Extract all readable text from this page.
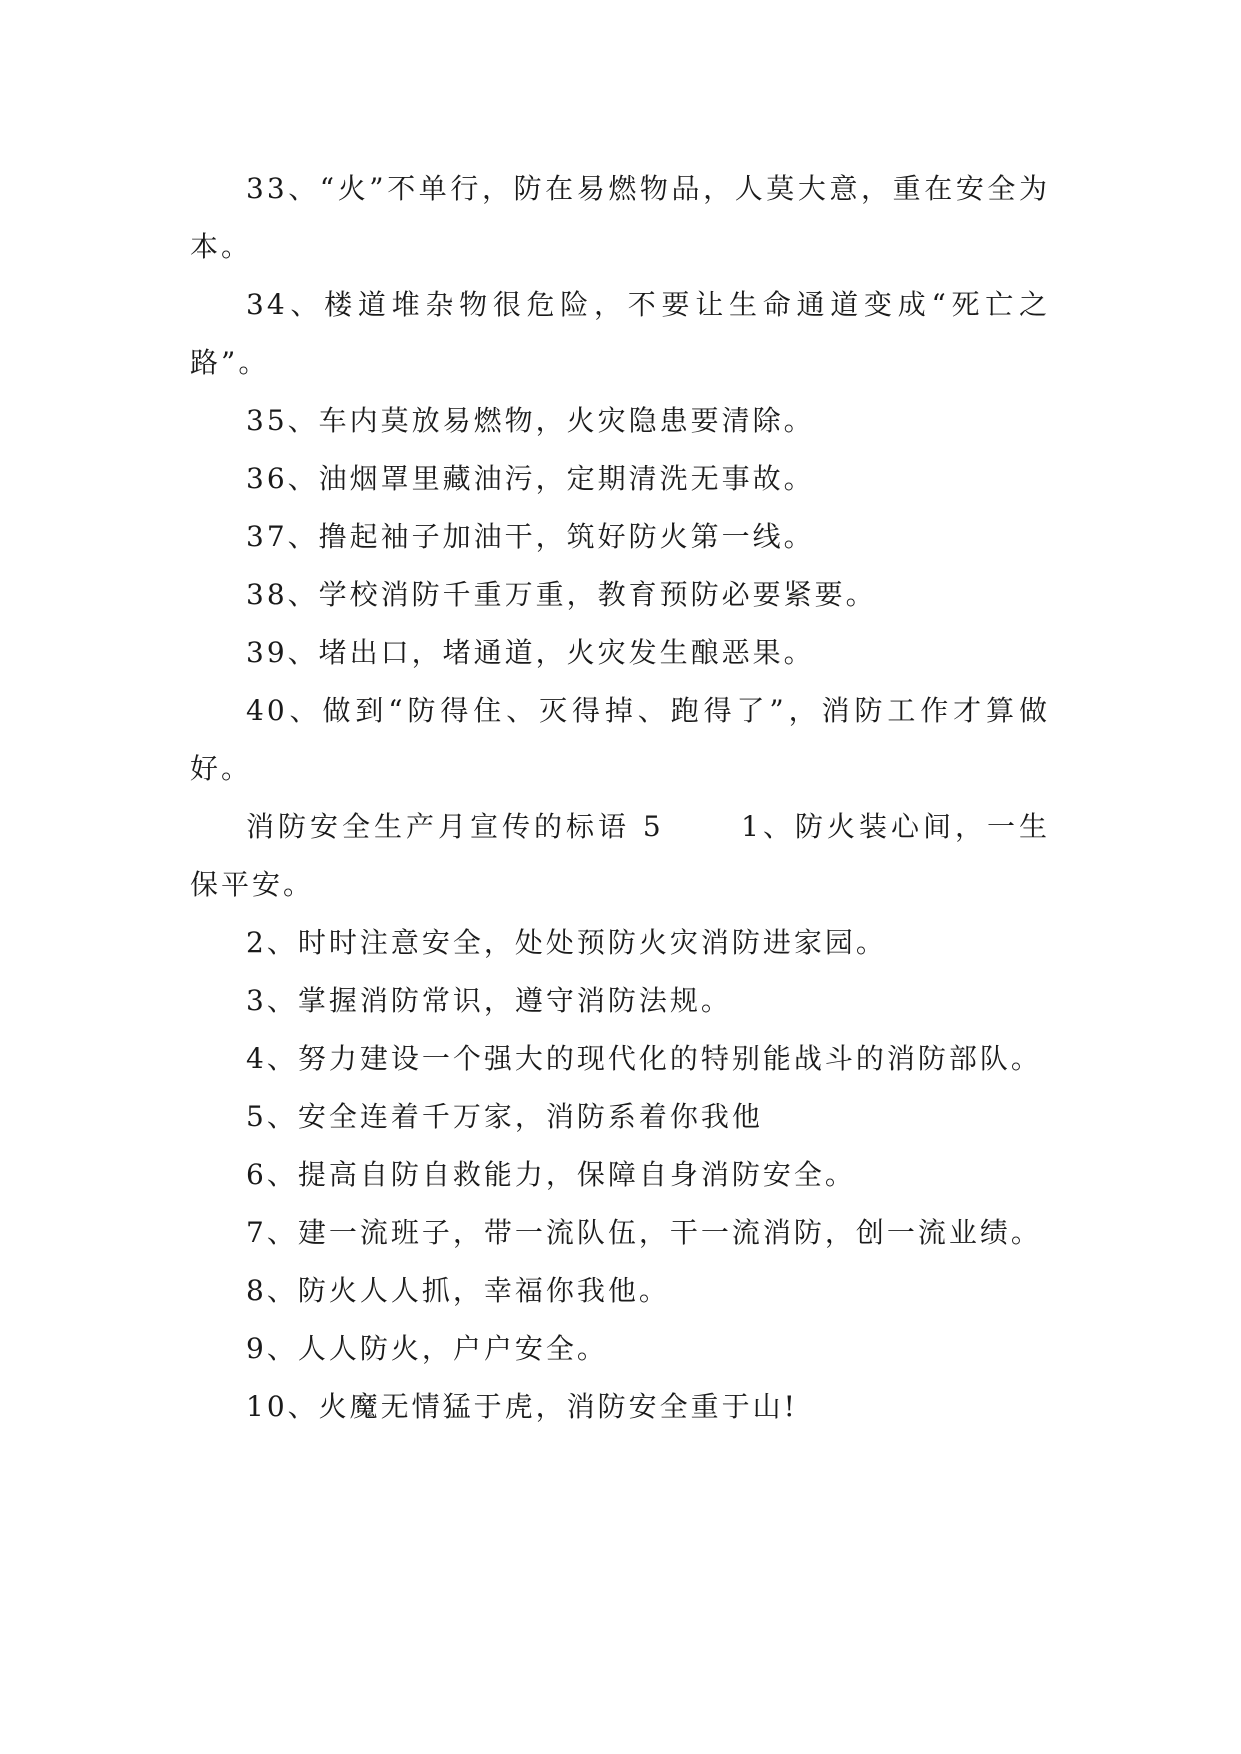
33、“火”不单行，防在易燃物品，人莫大意，重在安全为本。

34、楼道堆杂物很危险，不要让生命通道变成“死亡之路”。

35、车内莫放易燃物，火灾隐患要清除。

36、油烟罩里藏油污，定期清洗无事故。

37、撸起袖子加油干，筑好防火第一线。

38、学校消防千重万重，教育预防必要紧要。

39、堵出口，堵通道，火灾发生酿恶果。

40、做到“防得住、灭得掉、跑得了”，消防工作才算做好。

消防安全生产月宣传的标语 5      1、防火装心间，一生保平安。

2、时时注意安全，处处预防火灾消防进家园。

3、掌握消防常识，遵守消防法规。

4、努力建设一个强大的现代化的特别能战斗的消防部队。

5、安全连着千万家，消防系着你我他

6、提高自防自救能力，保障自身消防安全。

7、建一流班子，带一流队伍，干一流消防，创一流业绩。

8、防火人人抓，幸福你我他。

9、人人防火，户户安全。

10、火魔无情猛于虎，消防安全重于山!
